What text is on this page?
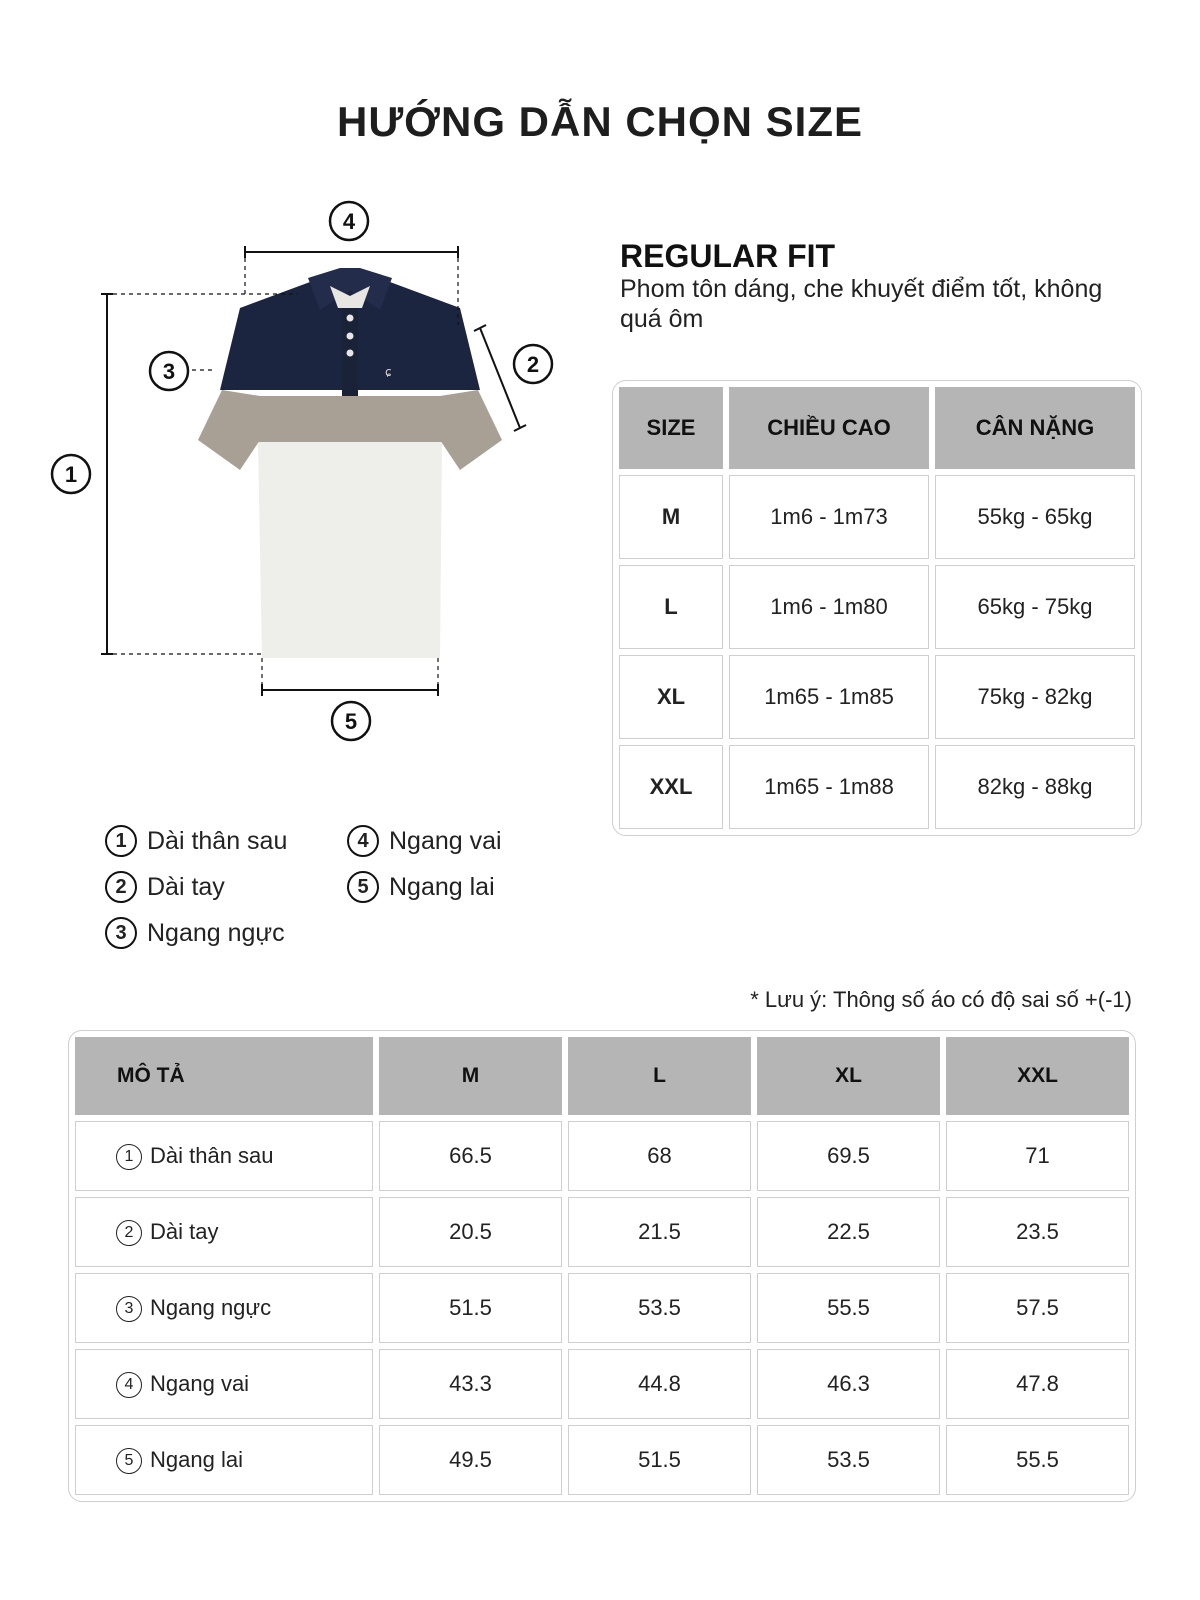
HƯỚNG DẪN CHỌN SIZE
ɕ
4
1
3	2
5
REGULAR FIT
Phom tôn dáng, che khuyết điểm tốt, không quá ôm
SIZE	CHIỀU CAO	CÂN NẶNG
M	1m6 - 1m73	55kg - 65kg
L	1m6 - 1m80	65kg - 75kg
XL	1m65 - 1m85	75kg - 82kg
XXL	1m65 - 1m88	82kg - 88kg
1 Dài thân sau
2 Dài tay
3 Ngang ngực
4 Ngang vai
5 Ngang lai
* Lưu ý: Thông số áo có độ sai số +(-1)
MÔ TẢ	M	L	XL	XXL
1 Dài thân sau	66.5	68	69.5	71
2 Dài tay	20.5	21.5	22.5	23.5
3 Ngang ngực	51.5	53.5	55.5	57.5
4 Ngang vai	43.3	44.8	46.3	47.8
5 Ngang lai	49.5	51.5	53.5	55.5
